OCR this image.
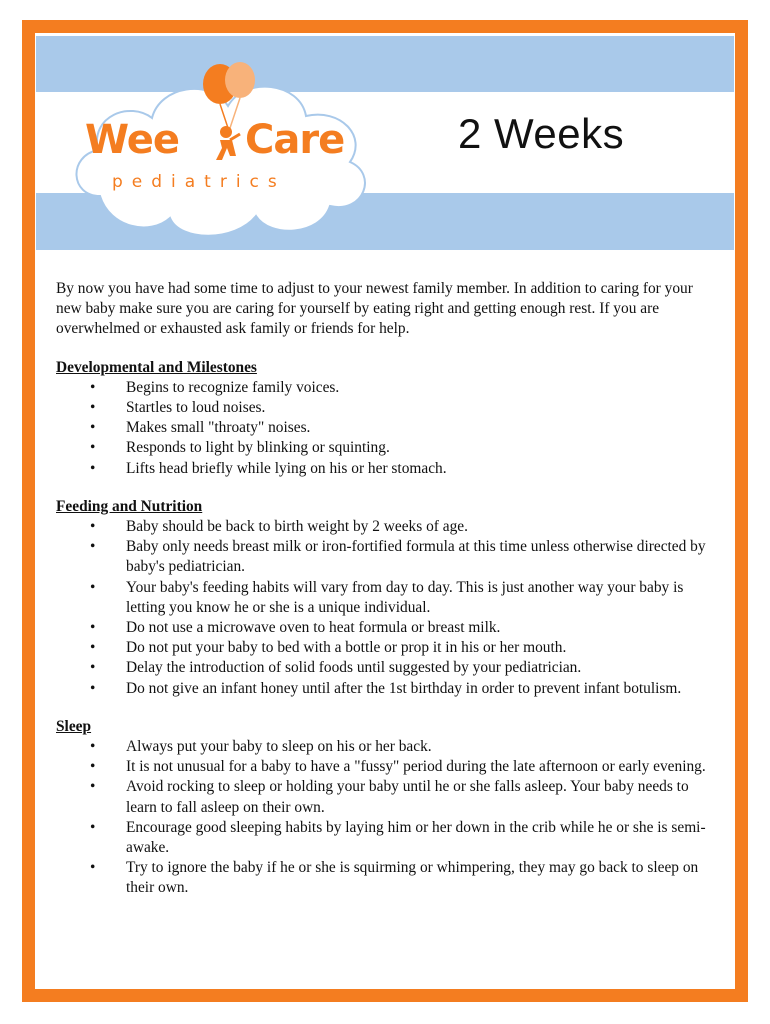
Wee Care
pediatrics
2 Weeks

By now you have had some time to adjust to your newest family member. In addition to caring for your new baby make sure you are caring for yourself by eating right and getting enough rest. If you are overwhelmed or exhausted ask family or friends for help.

Developmental and Milestones
• Begins to recognize family voices.
• Startles to loud noises.
• Makes small "throaty" noises.
• Responds to light by blinking or squinting.
• Lifts head briefly while lying on his or her stomach.
Feeding and Nutrition
• Baby should be back to birth weight by 2 weeks of age.
• Baby only needs breast milk or iron-fortified formula at this time unless otherwise directed by baby's pediatrician.
• Your baby's feeding habits will vary from day to day. This is just another way your baby is letting you know he or she is a unique individual.
• Do not use a microwave oven to heat formula or breast milk.
• Do not put your baby to bed with a bottle or prop it in his or her mouth.
• Delay the introduction of solid foods until suggested by your pediatrician.
• Do not give an infant honey until after the 1st birthday in order to prevent infant botulism.
Sleep
• Always put your baby to sleep on his or her back.
• It is not unusual for a baby to have a "fussy" period during the late afternoon or early evening.
• Avoid rocking to sleep or holding your baby until he or she falls asleep. Your baby needs to learn to fall asleep on their own.
• Encourage good sleeping habits by laying him or her down in the crib while he or she is semi-awake.
• Try to ignore the baby if he or she is squirming or whimpering, they may go back to sleep on their own.
